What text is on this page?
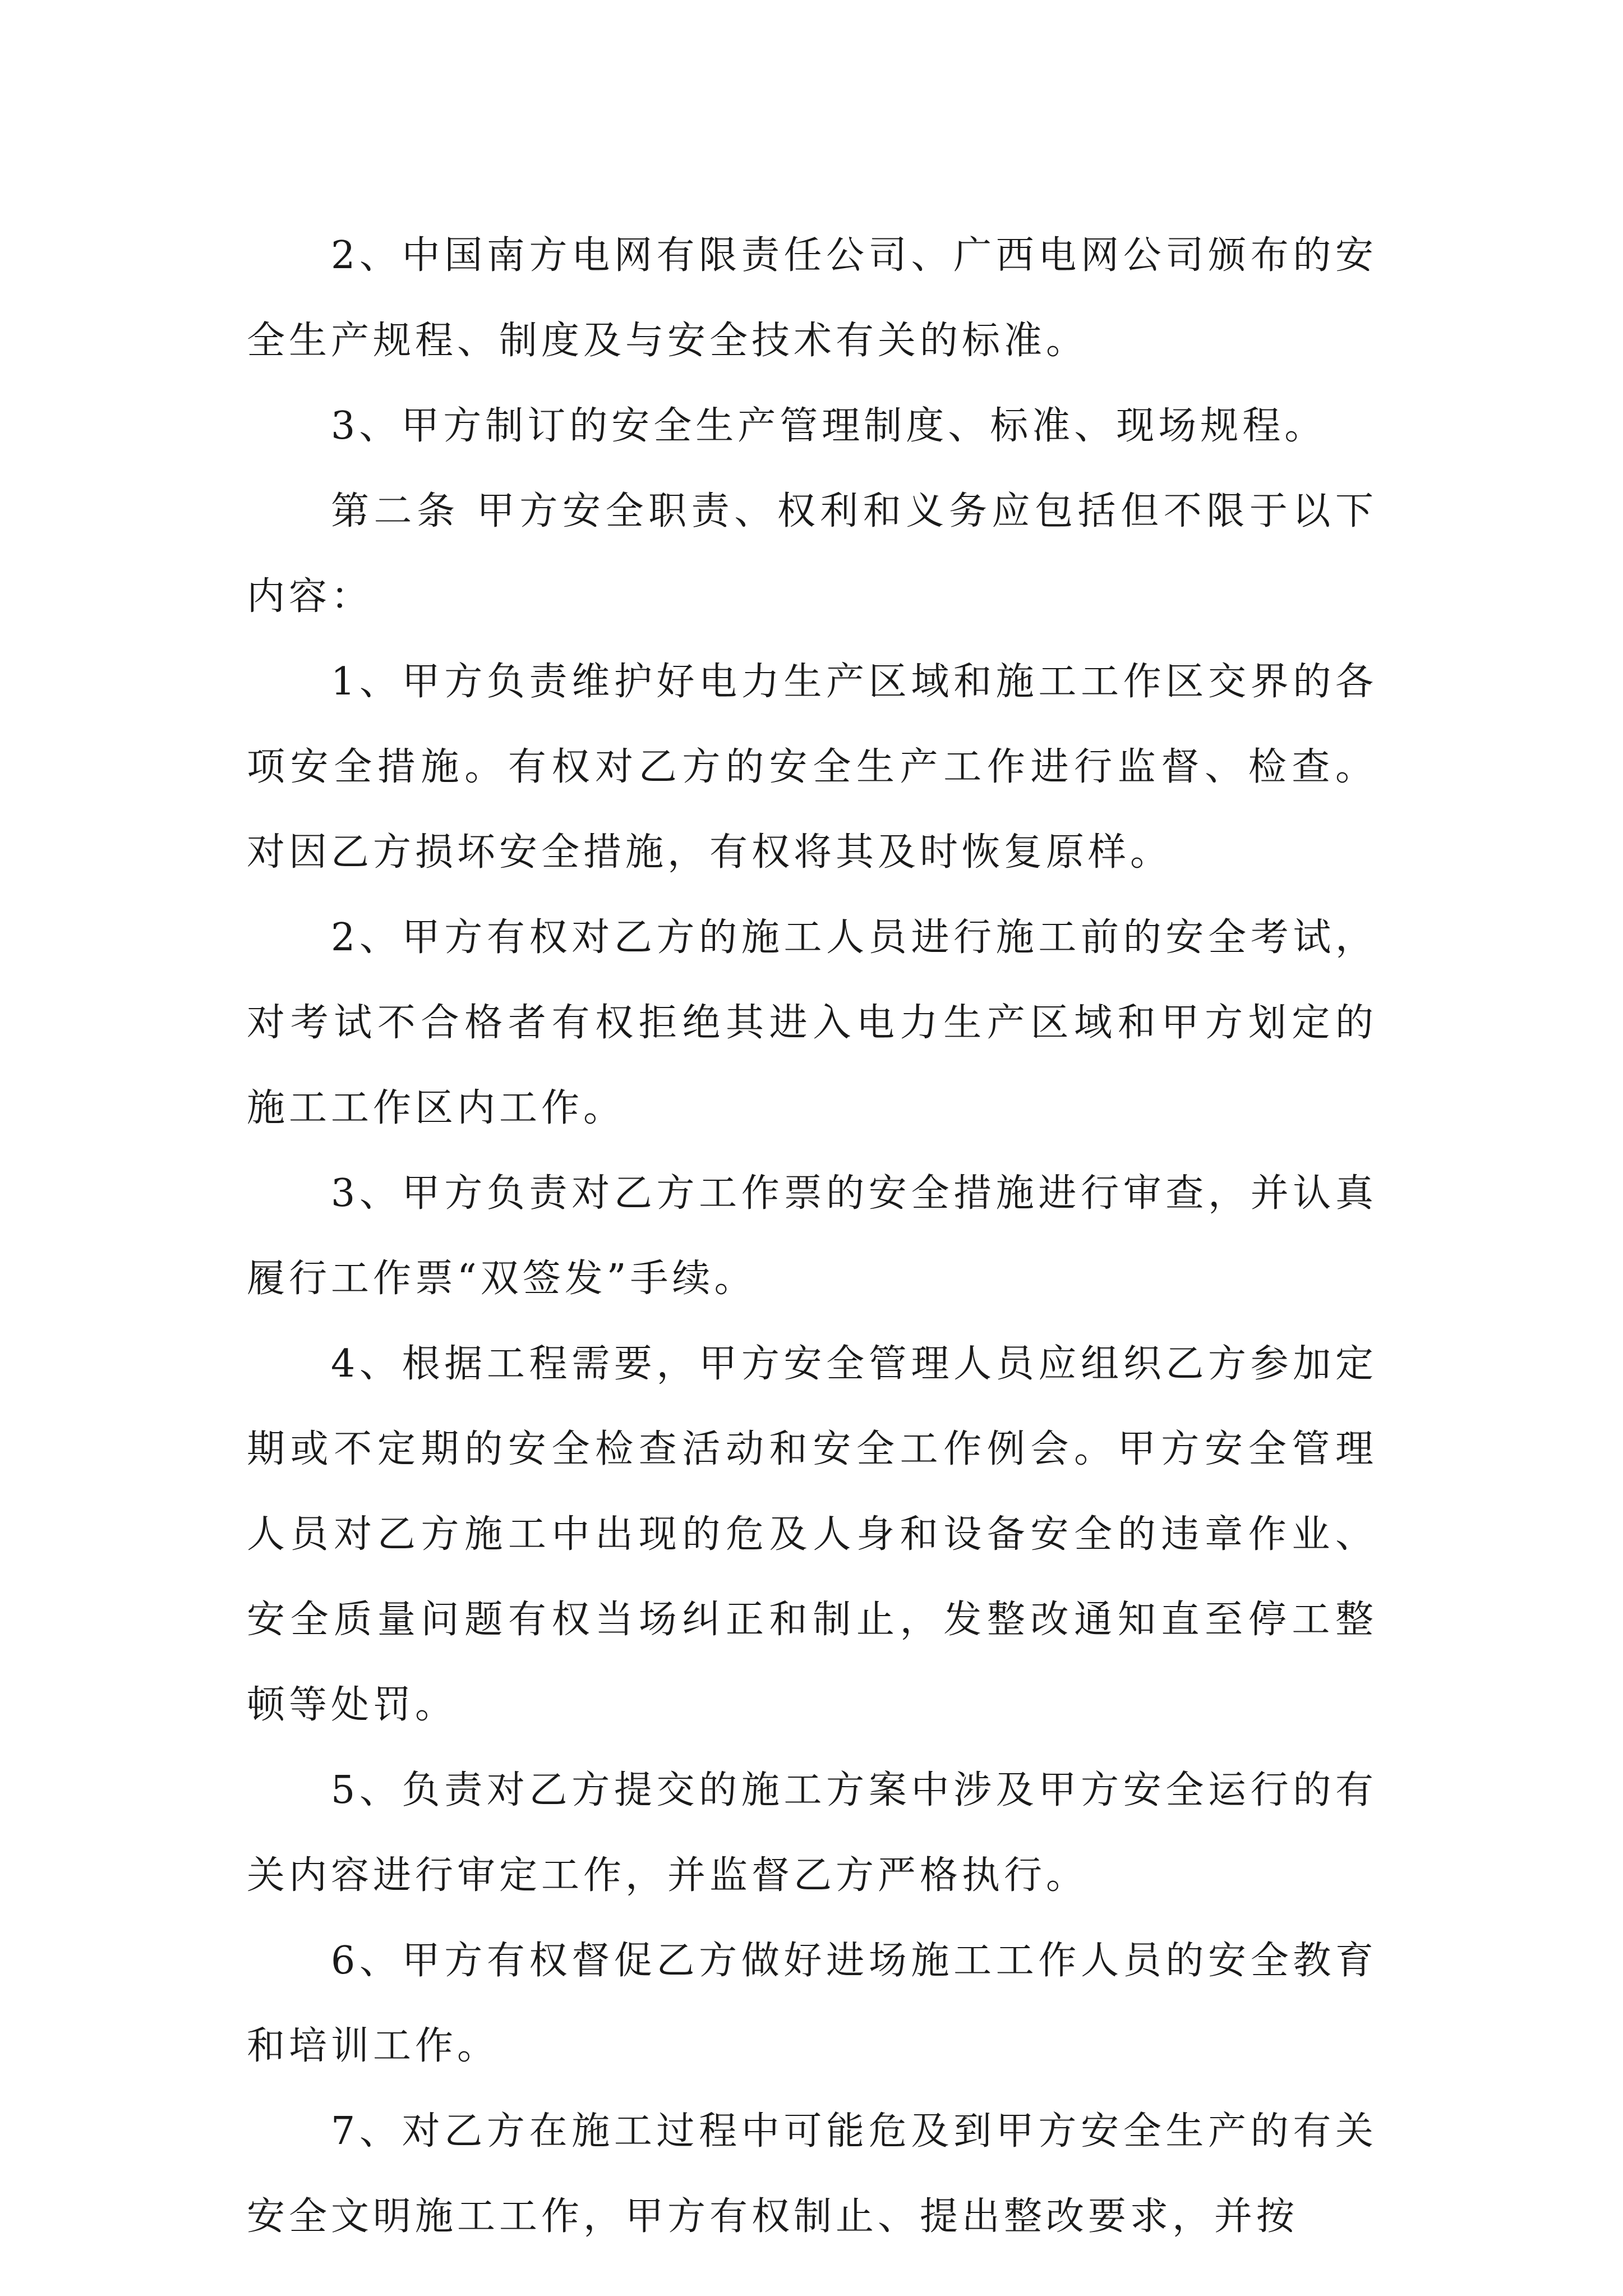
2、中国南方电网有限责任公司、广西电网公司颁布的安全生产规程、制度及与安全技术有关的标准。

3、甲方制订的安全生产管理制度、标准、现场规程。

第二条 甲方安全职责、权利和义务应包括但不限于以下内容：

1、甲方负责维护好电力生产区域和施工工作区交界的各项安全措施。有权对乙方的安全生产工作进行监督、检查。对因乙方损坏安全措施，有权将其及时恢复原样。

2、甲方有权对乙方的施工人员进行施工前的安全考试，对考试不合格者有权拒绝其进入电力生产区域和甲方划定的施工工作区内工作。

3、甲方负责对乙方工作票的安全措施进行审查，并认真履行工作票“双签发”手续。

4、根据工程需要，甲方安全管理人员应组织乙方参加定期或不定期的安全检查活动和安全工作例会。甲方安全管理人员对乙方施工中出现的危及人身和设备安全的违章作业、安全质量问题有权当场纠正和制止，发整改通知直至停工整顿等处罚。

5、负责对乙方提交的施工方案中涉及甲方安全运行的有关内容进行审定工作，并监督乙方严格执行。

6、甲方有权督促乙方做好进场施工工作人员的安全教育和培训工作。

7、对乙方在施工过程中可能危及到甲方安全生产的有关安全文明施工工作，甲方有权制止、提出整改要求，并按
